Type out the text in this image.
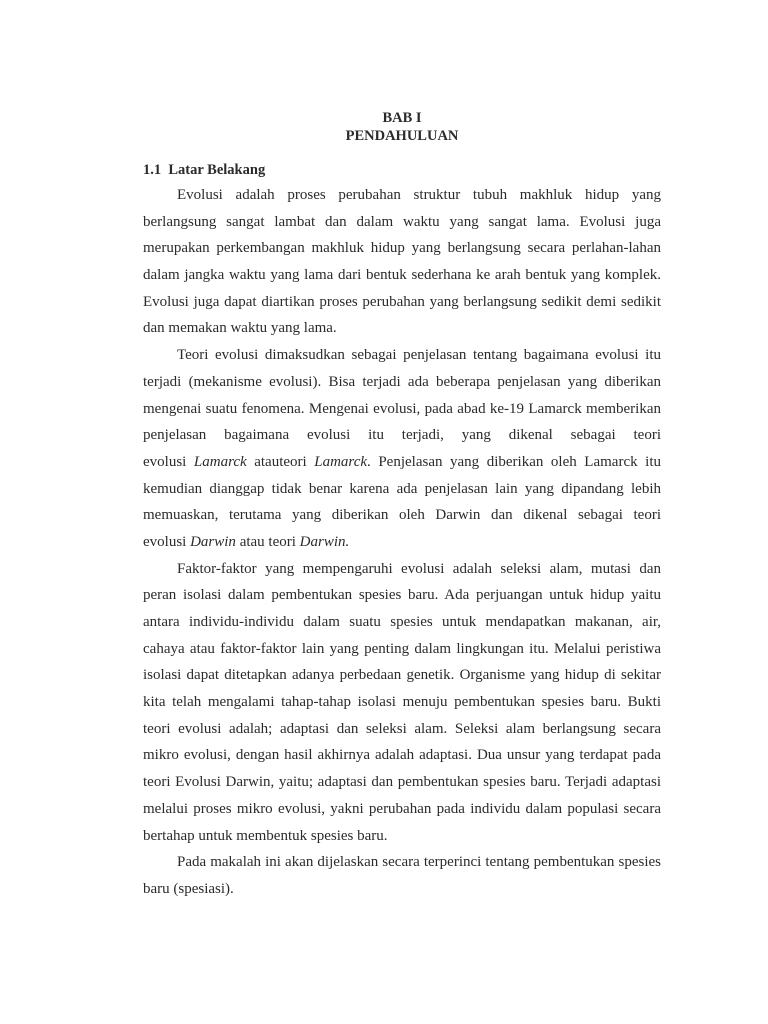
BAB I
PENDAHULUAN
1.1  Latar Belakang
Evolusi adalah proses perubahan struktur tubuh makhluk hidup yang
berlangsung sangat lambat dan dalam waktu yang sangat lama. Evolusi juga
merupakan perkembangan makhluk hidup yang berlangsung secara perlahan-lahan
dalam jangka waktu yang lama dari bentuk sederhana ke arah bentuk yang komplek.
Evolusi juga dapat diartikan proses perubahan yang berlangsung sedikit demi sedikit
dan memakan waktu yang lama.
Teori evolusi dimaksudkan sebagai penjelasan tentang bagaimana evolusi itu
terjadi (mekanisme evolusi). Bisa terjadi ada beberapa penjelasan yang diberikan
mengenai suatu fenomena. Mengenai evolusi, pada abad ke-19 Lamarck memberikan
penjelasan bagaimana evolusi itu terjadi, yang dikenal sebagai teori
evolusi Lamarck atauteori Lamarck. Penjelasan yang diberikan oleh Lamarck itu
kemudian dianggap tidak benar karena ada penjelasan lain yang dipandang lebih
memuaskan, terutama yang diberikan oleh Darwin dan dikenal sebagai teori
evolusi Darwin atau teori Darwin.
Faktor-faktor yang mempengaruhi evolusi adalah seleksi alam, mutasi dan
peran isolasi dalam pembentukan spesies baru. Ada perjuangan untuk hidup yaitu
antara individu-individu dalam suatu spesies untuk mendapatkan makanan, air,
cahaya atau faktor-faktor lain yang penting dalam lingkungan itu. Melalui peristiwa
isolasi dapat ditetapkan adanya perbedaan genetik. Organisme yang hidup di sekitar
kita telah mengalami tahap-tahap isolasi menuju pembentukan spesies baru. Bukti
teori evolusi adalah; adaptasi dan seleksi alam. Seleksi alam berlangsung secara
mikro evolusi, dengan hasil akhirnya adalah adaptasi. Dua unsur yang terdapat pada
teori Evolusi Darwin, yaitu; adaptasi dan pembentukan spesies baru. Terjadi adaptasi
melalui proses mikro evolusi, yakni perubahan pada individu dalam populasi secara
bertahap untuk membentuk spesies baru.
Pada makalah ini akan dijelaskan secara terperinci tentang pembentukan spesies
baru (spesiasi).
